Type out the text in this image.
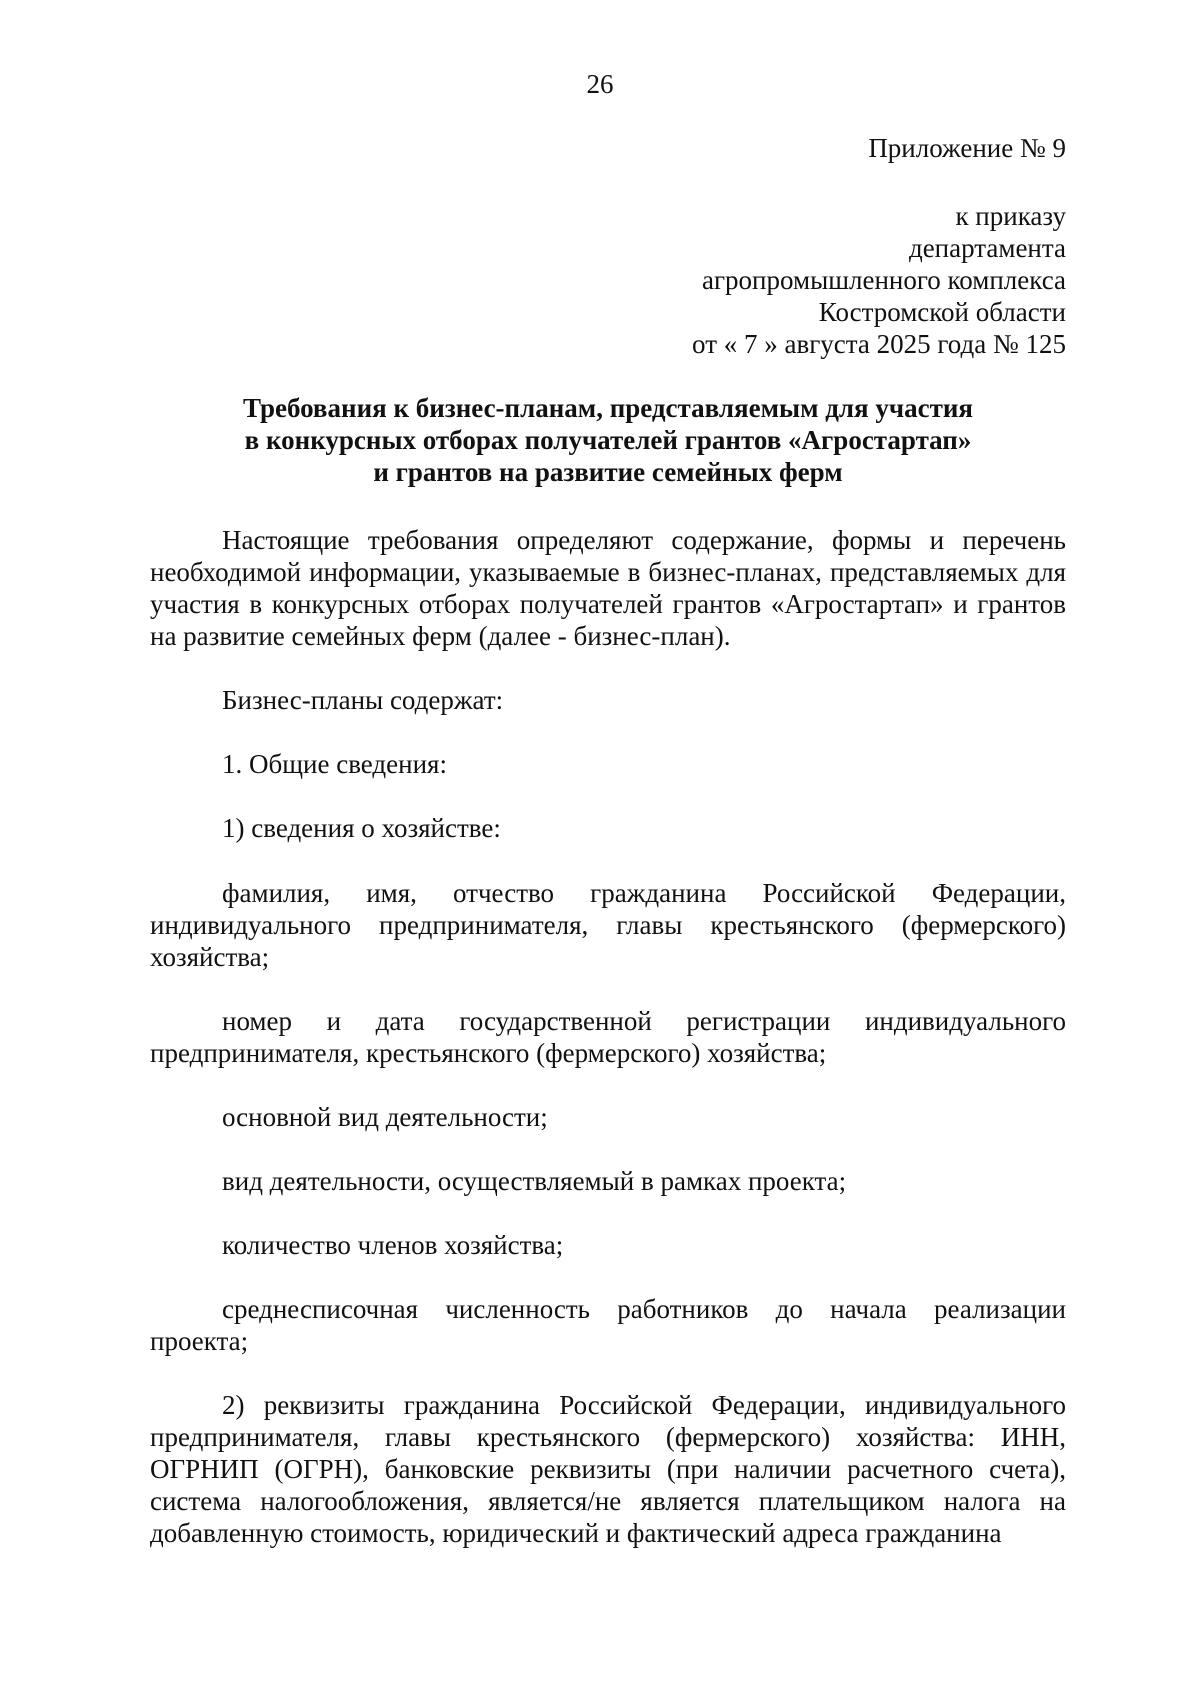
26
Приложение № 9
к приказу
департамента
агропромышленного комплекса
Костромской области
от « 7 » августа 2025 года № 125
Требования к бизнес-планам, представляемым для участия
в конкурсных отборах получателей грантов «Агростартап»
и грантов на развитие семейных ферм

Настоящие требования определяют содержание, формы и перечень необходимой информации, указываемые в бизнес-планах, представляемых для участия в конкурсных отборах получателей грантов «Агростартап» и грантов на развитие семейных ферм (далее - бизнес-план).

Бизнес-планы содержат:

1. Общие сведения:

1) сведения о хозяйстве:

фамилия, имя, отчество гражданина Российской Федерации, индивидуального предпринимателя, главы крестьянского (фермерского) хозяйства;

номер и дата государственной регистрации индивидуального предпринимателя, крестьянского (фермерского) хозяйства;

основной вид деятельности;

вид деятельности, осуществляемый в рамках проекта;

количество членов хозяйства;

среднесписочная численность работников до начала реализации проекта;

2) реквизиты гражданина Российской Федерации, индивидуального предпринимателя, главы крестьянского (фермерского) хозяйства: ИНН, ОГРНИП (ОГРН), банковские реквизиты (при наличии расчетного счета), система налогообложения, является/не является плательщиком налога на добавленную стоимость, юридический и фактический адреса гражданина
